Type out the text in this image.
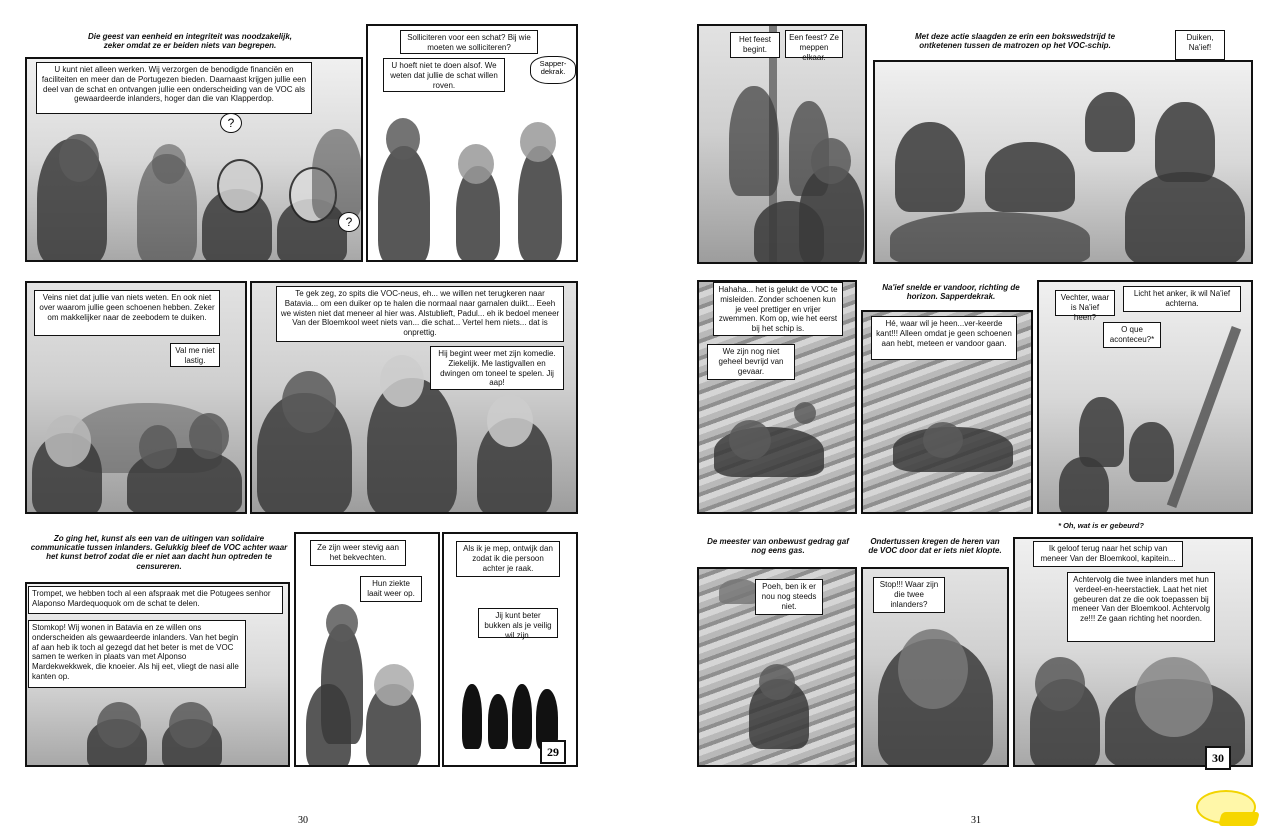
Die geest van eenheid en integriteit was noodzakelijk, zeker omdat ze er beiden niets van begrepen.
U kunt niet alleen werken. Wij verzorgen de benodigde financiën en faciliteiten en meer dan de Portugezen bieden. Daarnaast krijgen jullie een deel van de schat en ontvangen jullie een onderscheiding van de VOC als gewaardeerde inlanders, hoger dan die van Klapperdop.
?
?
Solliciteren voor een schat? Bij wie moeten we solliciteren?
U hoeft niet te doen alsof. We weten dat jullie de schat willen roven.
Sapper-dekrak.
Veins niet dat jullie van niets weten. En ook niet over waarom jullie geen schoenen hebben. Zeker om makkelijker naar de zeebodem te duiken.
Val me niet lastig.
Te gek zeg, zo spits die VOC-neus, eh... we willen net terugkeren naar Batavia... om een duiker op te halen die normaal naar garnalen duikt... Eeeh we wisten niet dat meneer al hier was. Alstublieft, Padul... eh ik bedoel meneer Van der Bloemkool weet niets van... die schat... Vertel hem niets... dat is onprettig.
Hij begint weer met zijn komedie. Ziekelijk. Me lastigvallen en dwingen om toneel te spelen. Jij aap!
Zo ging het, kunst als een van de uitingen van solidaire communicatie tussen inlanders. Gelukkig bleef de VOC achter waar het kunst betrof zodat die er niet aan dacht hun optreden te censureren.
Trompet, we hebben toch al een afspraak met die Potugees senhor Alaponso Mardequoquok om de schat te delen.
Stomkop! Wij wonen in Batavia en ze willen ons onderscheiden als gewaardeerde inlanders. Van het begin af aan heb ik toch al gezegd dat het beter is met de VOC samen te werken in plaats van met Alponso Mardekwekkwek, die knoeier. Als hij eet, vliegt de nasi alle kanten op.
Ze zijn weer stevig aan het bekvechten.
Hun ziekte laait weer op.
Als ik je mep, ontwijk dan zodat ik die persoon achter je raak.
Jij kunt beter bukken als je veilig wil zijn.
29
30
Het feest begint.
Een feest? Ze meppen elkaar.
Met deze actie slaagden ze erin een bokswedstrijd te ontketenen tussen de matrozen op het VOC-schip.
Duiken, Na'ief!
Hahaha... het is gelukt de VOC te misleiden. Zonder schoenen kun je veel prettiger en vrijer zwemmen. Kom op, wie het eerst bij het schip is.
We zijn nog niet geheel bevrijd van gevaar.
Na'ief snelde er vandoor, richting de horizon. Sapperdekrak.
Hé, waar wil je heen...ver-keerde kant!!! Alleen omdat je geen schoenen aan hebt, meteen er vandoor gaan.
Vechter, waar is Na'ief heen?
Licht het anker, ik wil Na'ief achterna.
O que aconteceu?*
* Oh, wat is er gebeurd?
De meester van onbewust gedrag gaf nog eens gas.
Poeh, ben ik er nou nog steeds niet.
Ondertussen kregen de heren van de VOC door dat er iets niet klopte.
Stop!!! Waar zijn die twee inlanders?
Ik geloof terug naar het schip van meneer Van der Bloemkool, kapitein...
Achtervolg die twee inlanders met hun verdeel-en-heerstactiek. Laat het niet gebeuren dat ze die ook toepassen bij meneer Van der Bloemkool. Achtervolg ze!!! Ze gaan richting het noorden.
30
31
